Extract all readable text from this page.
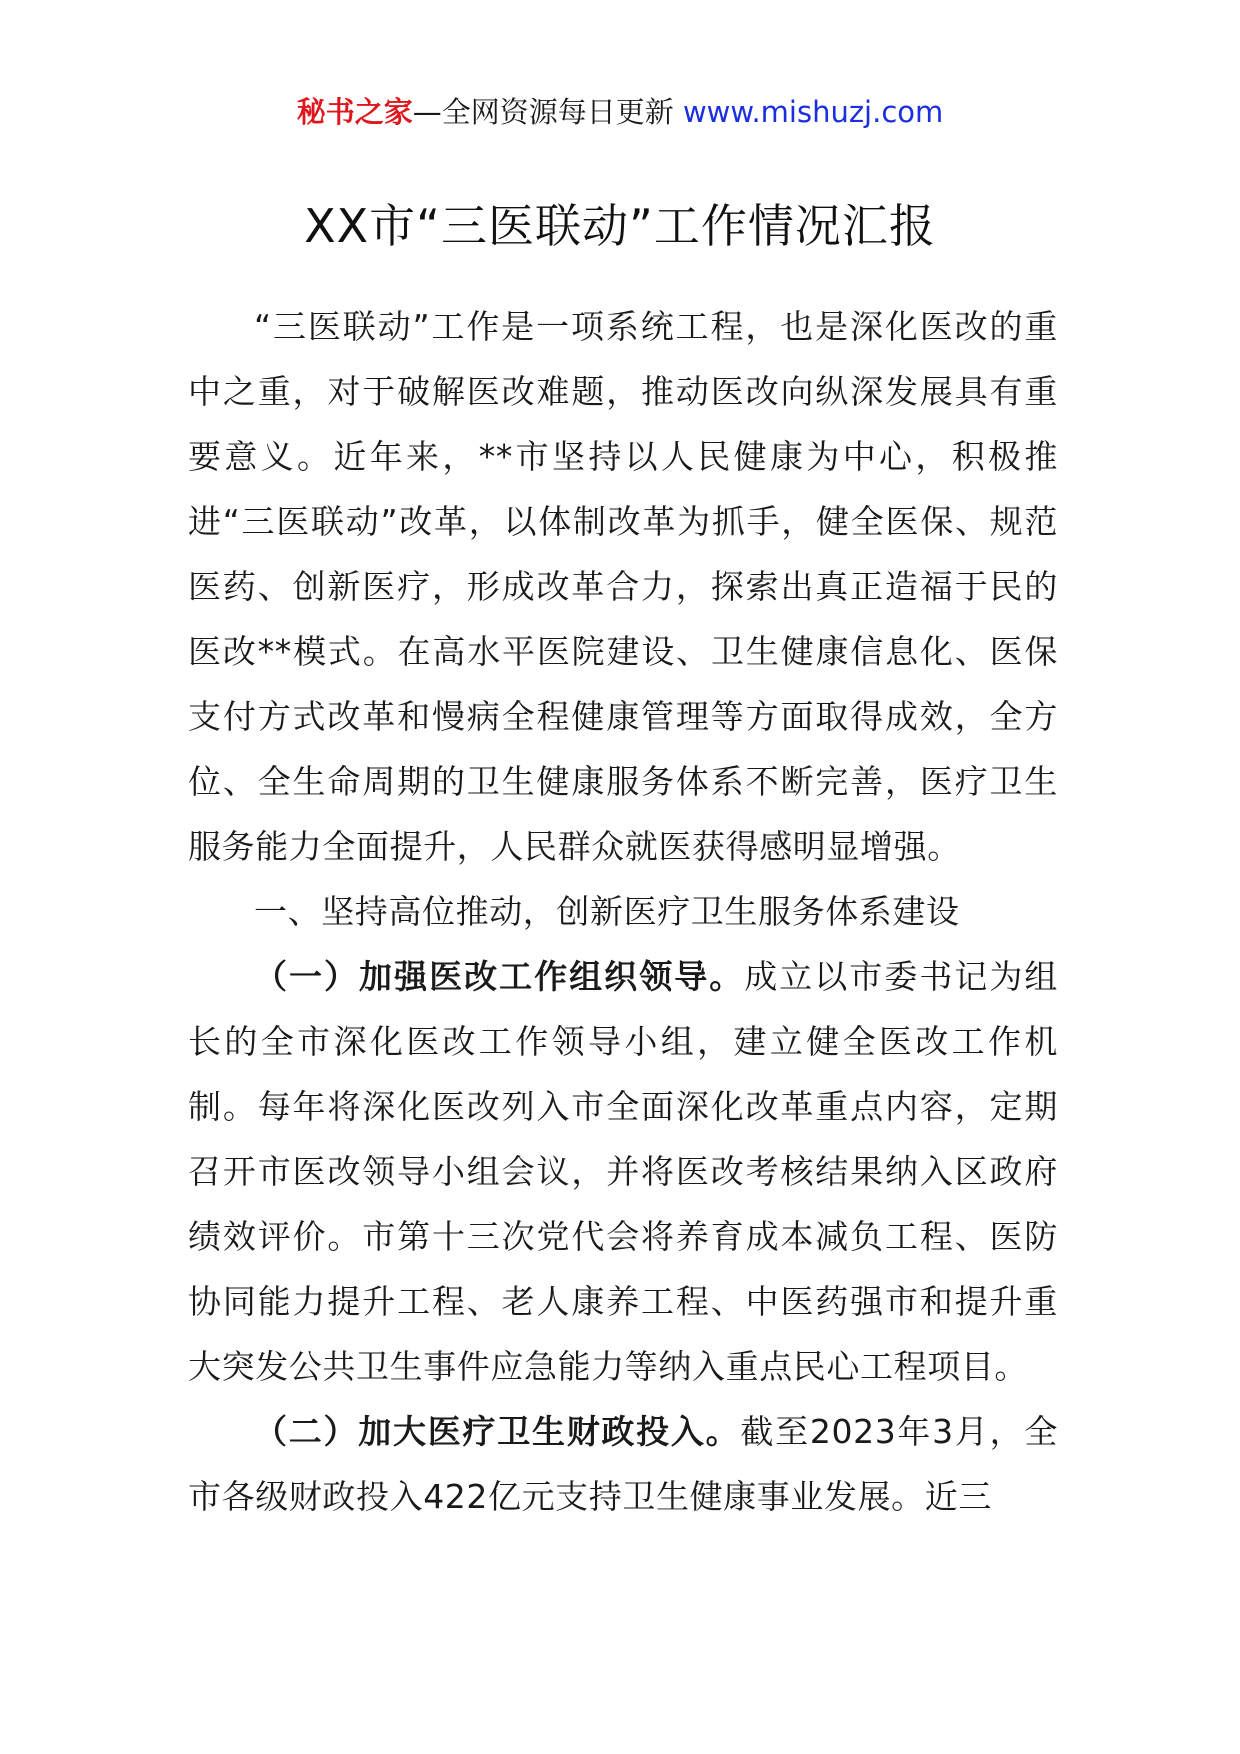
秘书之家—全网资源每日更新 www.mishuzj.com
XX市“三医联动”工作情况汇报

“三医联动”工作是一项系统工程，也是深化医改的重中之重，对于破解医改难题，推动医改向纵深发展具有重要意义。近年来，**市坚持以人民健康为中心，积极推进“三医联动”改革，以体制改革为抓手，健全医保、规范医药、创新医疗，形成改革合力，探索出真正造福于民的医改**模式。在高水平医院建设、卫生健康信息化、医保支付方式改革和慢病全程健康管理等方面取得成效，全方位、全生命周期的卫生健康服务体系不断完善，医疗卫生服务能力全面提升，人民群众就医获得感明显增强。

一、坚持高位推动，创新医疗卫生服务体系建设

（一）加强医改工作组织领导。成立以市委书记为组长的全市深化医改工作领导小组，建立健全医改工作机制。每年将深化医改列入市全面深化改革重点内容，定期召开市医改领导小组会议，并将医改考核结果纳入区政府绩效评价。市第十三次党代会将养育成本减负工程、医防协同能力提升工程、老人康养工程、中医药强市和提升重大突发公共卫生事件应急能力等纳入重点民心工程项目。

（二）加大医疗卫生财政投入。截至2023年3月，全市各级财政投入422亿元支持卫生健康事业发展。近三
